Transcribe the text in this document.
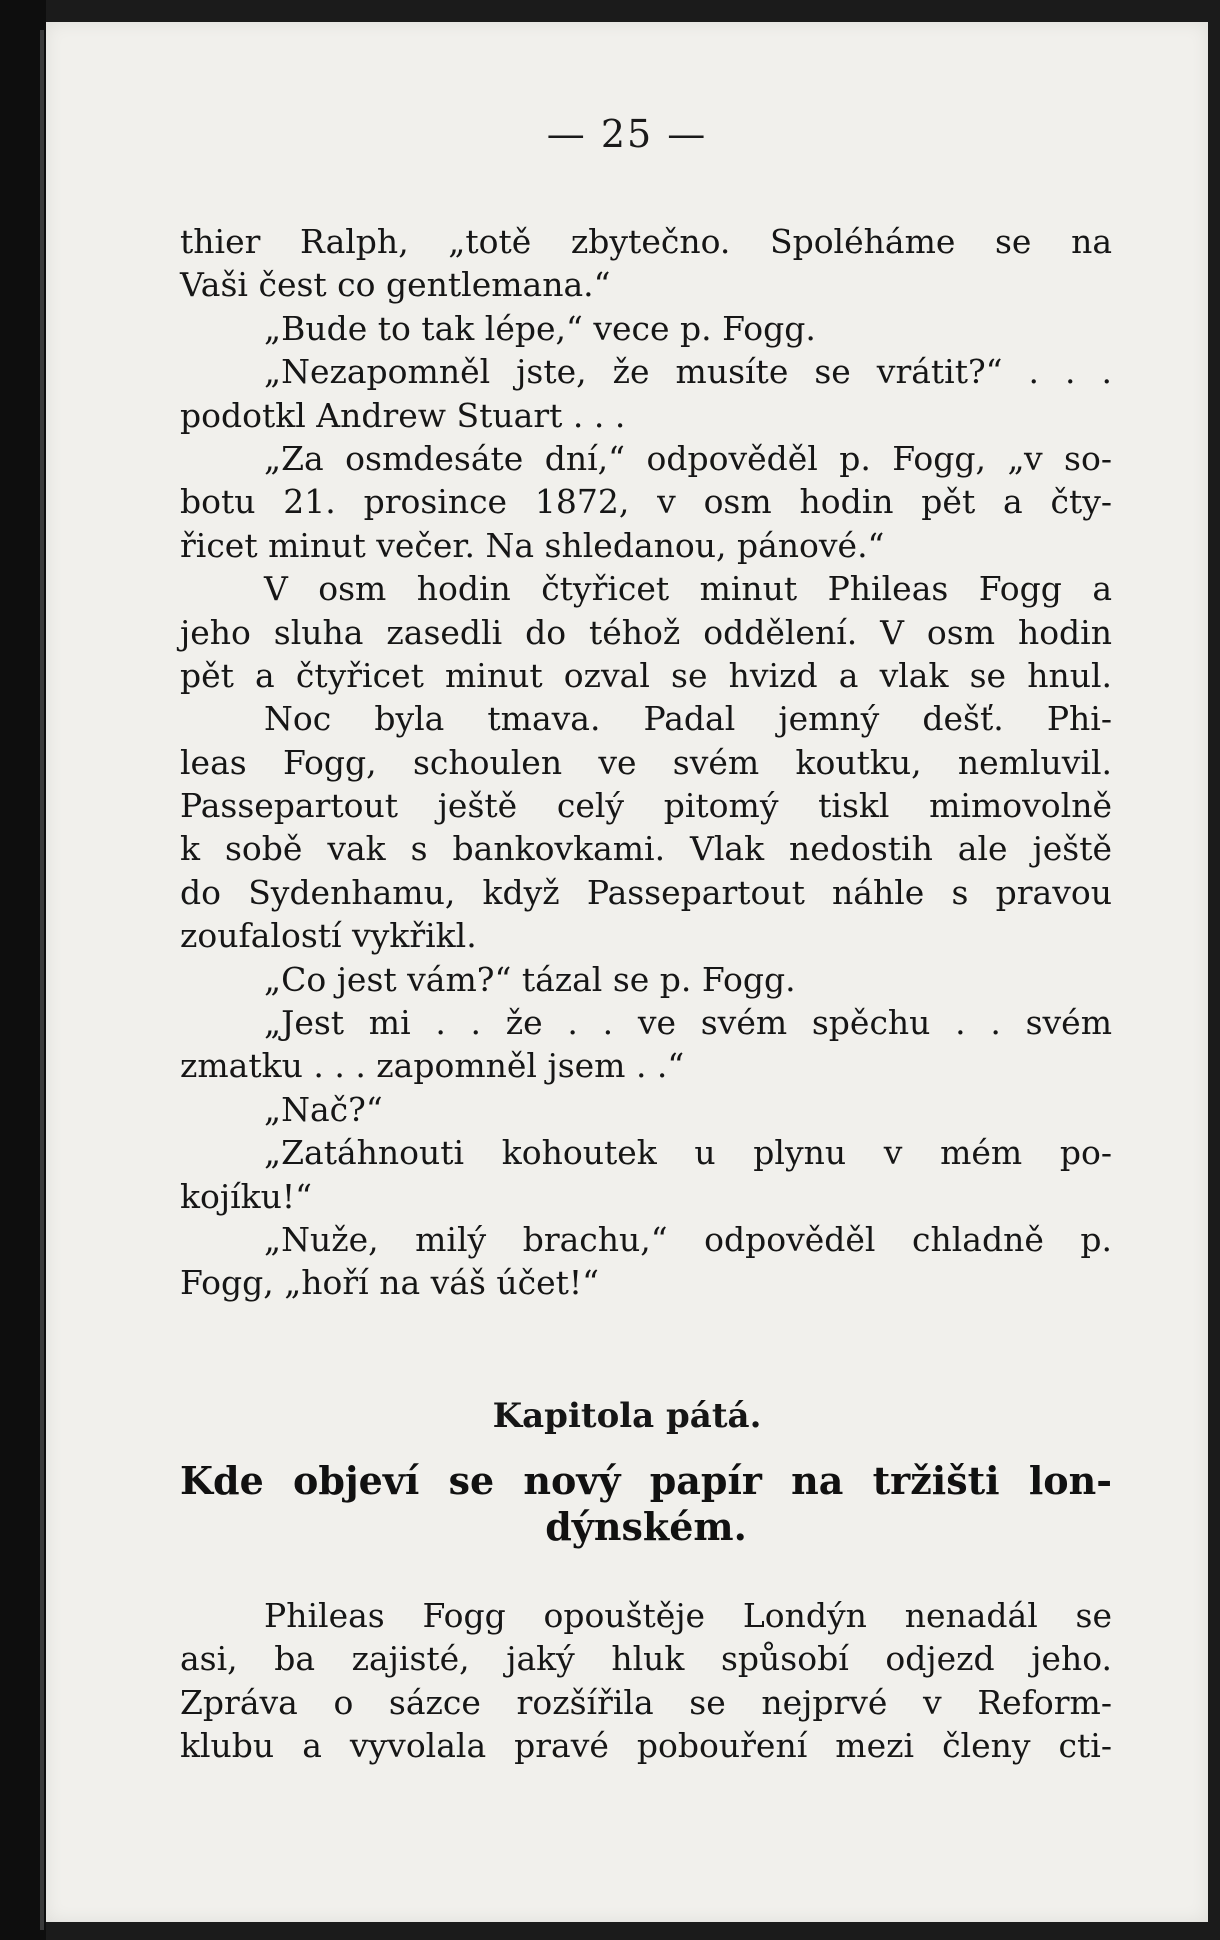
— 25 —
thier Ralph, „totě zbytečno. Spoléháme se na
Vaši čest co gentlemana.“
„Bude to tak lépe,“ vece p. Fogg.
„Nezapomněl jste, že musíte se vrátit?“ . . .
podotkl Andrew Stuart . . .
„Za osmdesáte dní,“ odpověděl p. Fogg, „v so-
botu 21. prosince 1872, v osm hodin pět a čty-
řicet minut večer. Na shledanou, pánové.“
V osm hodin čtyřicet minut Phileas Fogg a
jeho sluha zasedli do téhož oddělení. V osm hodin
pět a čtyřicet minut ozval se hvizd a vlak se hnul.
Noc byla tmava. Padal jemný dešť. Phi-
leas Fogg, schoulen ve svém koutku, nemluvil.
Passepartout ještě celý pitomý tiskl mimovolně
k sobě vak s bankovkami. Vlak nedostih ale ještě
do Sydenhamu, když Passepartout náhle s pravou
zoufalostí vykřikl.
„Co jest vám?“ tázal se p. Fogg.
„Jest mi . . že . . ve svém spěchu . . svém
zmatku . . . zapomněl jsem . .“
„Nač?“
„Zatáhnouti kohoutek u plynu v mém po-
kojíku!“
„Nuže, milý brachu,“ odpověděl chladně p.
Fogg, „hoří na váš účet!“
Kapitola pátá.
Kde objeví se nový papír na tržišti lon-
dýnském.
Phileas Fogg opouštěje Londýn nenadál se
asi, ba zajisté, jaký hluk spůsobí odjezd jeho.
Zpráva o sázce rozšířila se nejprvé v Reform-
klubu a vyvolala pravé pobouření mezi členy cti-
